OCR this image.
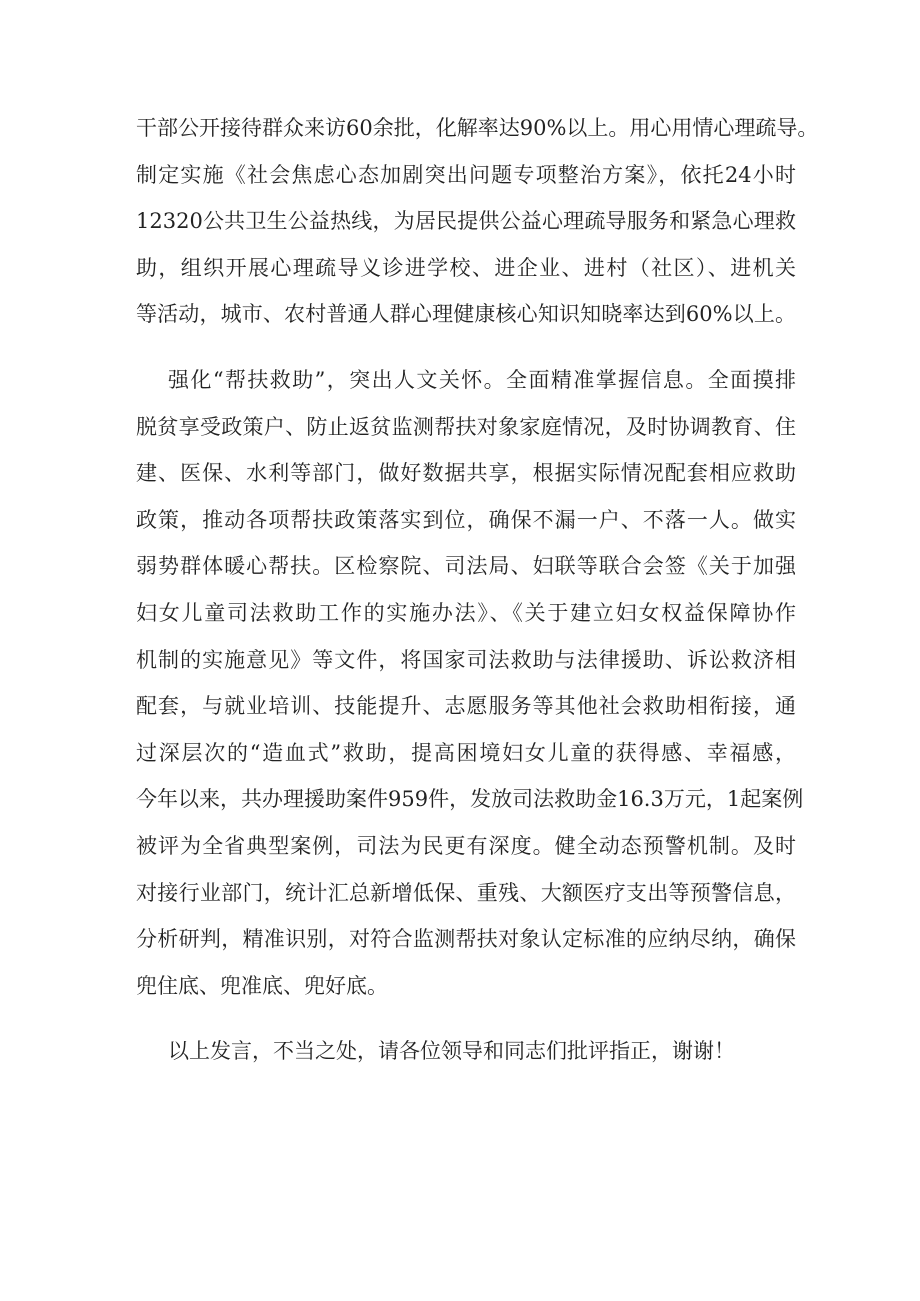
干部公开接待群众来访60余批，化解率达90%以上。用心用情心理疏导。
制定实施《社会焦虑心态加剧突出问题专项整治方案》，依托24小时
12320公共卫生公益热线，为居民提供公益心理疏导服务和紧急心理救
助，组织开展心理疏导义诊进学校、进企业、进村（社区）、进机关
等活动，城市、农村普通人群心理健康核心知识知晓率达到60%以上。
强化“帮扶救助”，突出人文关怀。全面精准掌握信息。全面摸排
脱贫享受政策户、防止返贫监测帮扶对象家庭情况，及时协调教育、住
建、医保、水利等部门，做好数据共享，根据实际情况配套相应救助
政策，推动各项帮扶政策落实到位，确保不漏一户、不落一人。做实
弱势群体暖心帮扶。区检察院、司法局、妇联等联合会签《关于加强
妇女儿童司法救助工作的实施办法》、《关于建立妇女权益保障协作
机制的实施意见》等文件，将国家司法救助与法律援助、诉讼救济相
配套，与就业培训、技能提升、志愿服务等其他社会救助相衔接，通
过深层次的“造血式”救助，提高困境妇女儿童的获得感、幸福感，
今年以来，共办理援助案件959件，发放司法救助金16.3万元，1起案例
被评为全省典型案例，司法为民更有深度。健全动态预警机制。及时
对接行业部门，统计汇总新增低保、重残、大额医疗支出等预警信息，
分析研判，精准识别，对符合监测帮扶对象认定标准的应纳尽纳，确保
兜住底、兜准底、兜好底。
以上发言，不当之处，请各位领导和同志们批评指正，谢谢！
